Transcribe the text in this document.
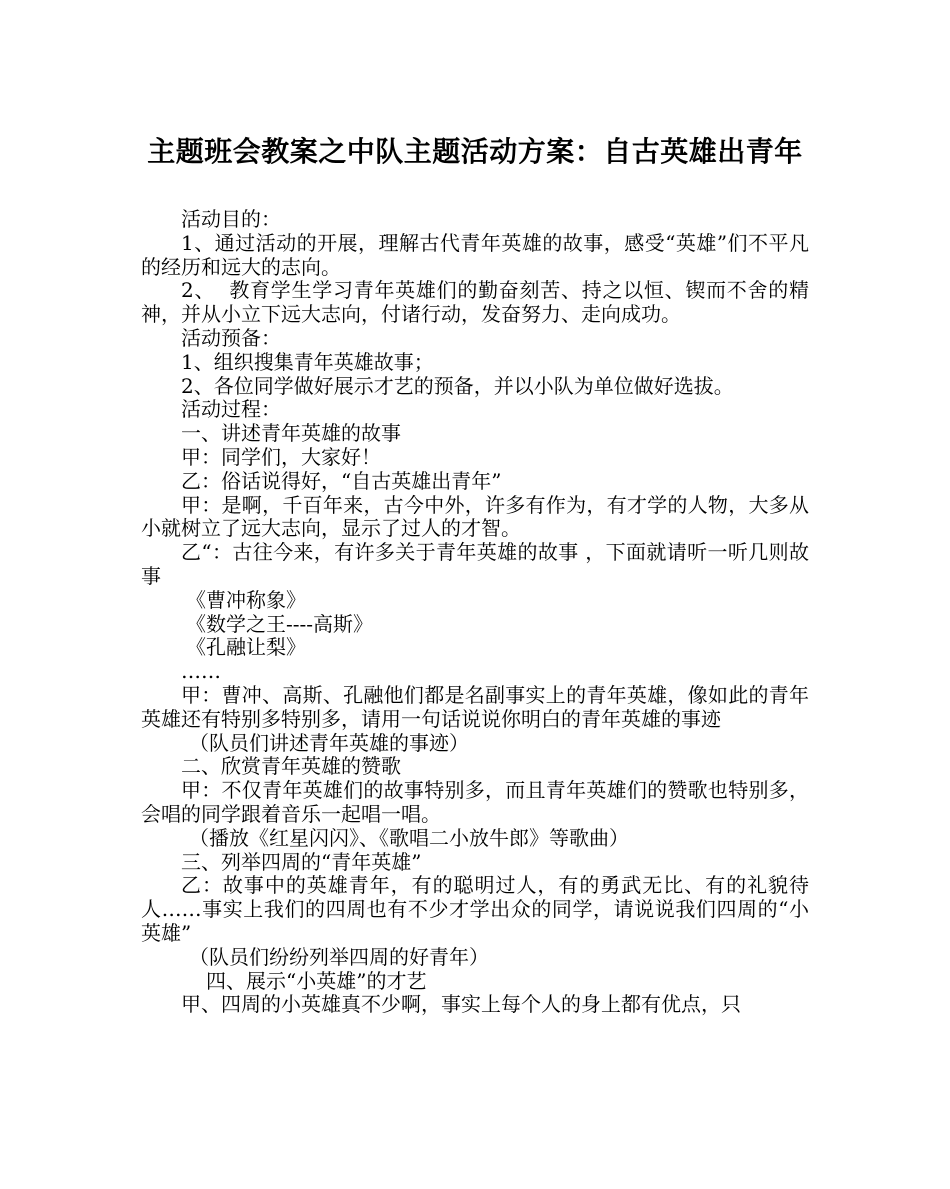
主题班会教案之中队主题活动方案：自古英雄出青年

活动目的：

1、通过活动的开展，理解古代青年英雄的故事，感受“英雄”们不平凡的经历和远大的志向。

2、  教育学生学习青年英雄们的勤奋刻苦、持之以恒、锲而不舍的精神，并从小立下远大志向，付诸行动，发奋努力、走向成功。

活动预备：

1、组织搜集青年英雄故事；

2、各位同学做好展示才艺的预备，并以小队为单位做好选拔。

活动过程：

一、讲述青年英雄的故事

甲：同学们，大家好！

乙：俗话说得好，“自古英雄出青年”

甲：是啊，千百年来，古今中外，许多有作为，有才学的人物，大多从小就树立了远大志向，显示了过人的才智。

乙“：古往今来，有许多关于青年英雄的故事 ，下面就请听一听几则故事

《曹冲称象》

《数学之王----高斯》

《孔融让梨》

……

甲：曹冲、高斯、孔融他们都是名副事实上的青年英雄，像如此的青年英雄还有特别多特别多，请用一句话说说你明白的青年英雄的事迹

（队员们讲述青年英雄的事迹）

二、欣赏青年英雄的赞歌

甲：不仅青年英雄们的故事特别多，而且青年英雄们的赞歌也特别多，会唱的同学跟着音乐一起唱一唱。

（播放《红星闪闪》、《歌唱二小放牛郎》等歌曲）

三、列举四周的“青年英雄”

乙：故事中的英雄青年，有的聪明过人，有的勇武无比、有的礼貌待人……事实上我们的四周也有不少才学出众的同学，请说说我们四周的“小英雄”

（队员们纷纷列举四周的好青年）

四、展示“小英雄”的才艺

甲、四周的小英雄真不少啊，事实上每个人的身上都有优点，只
